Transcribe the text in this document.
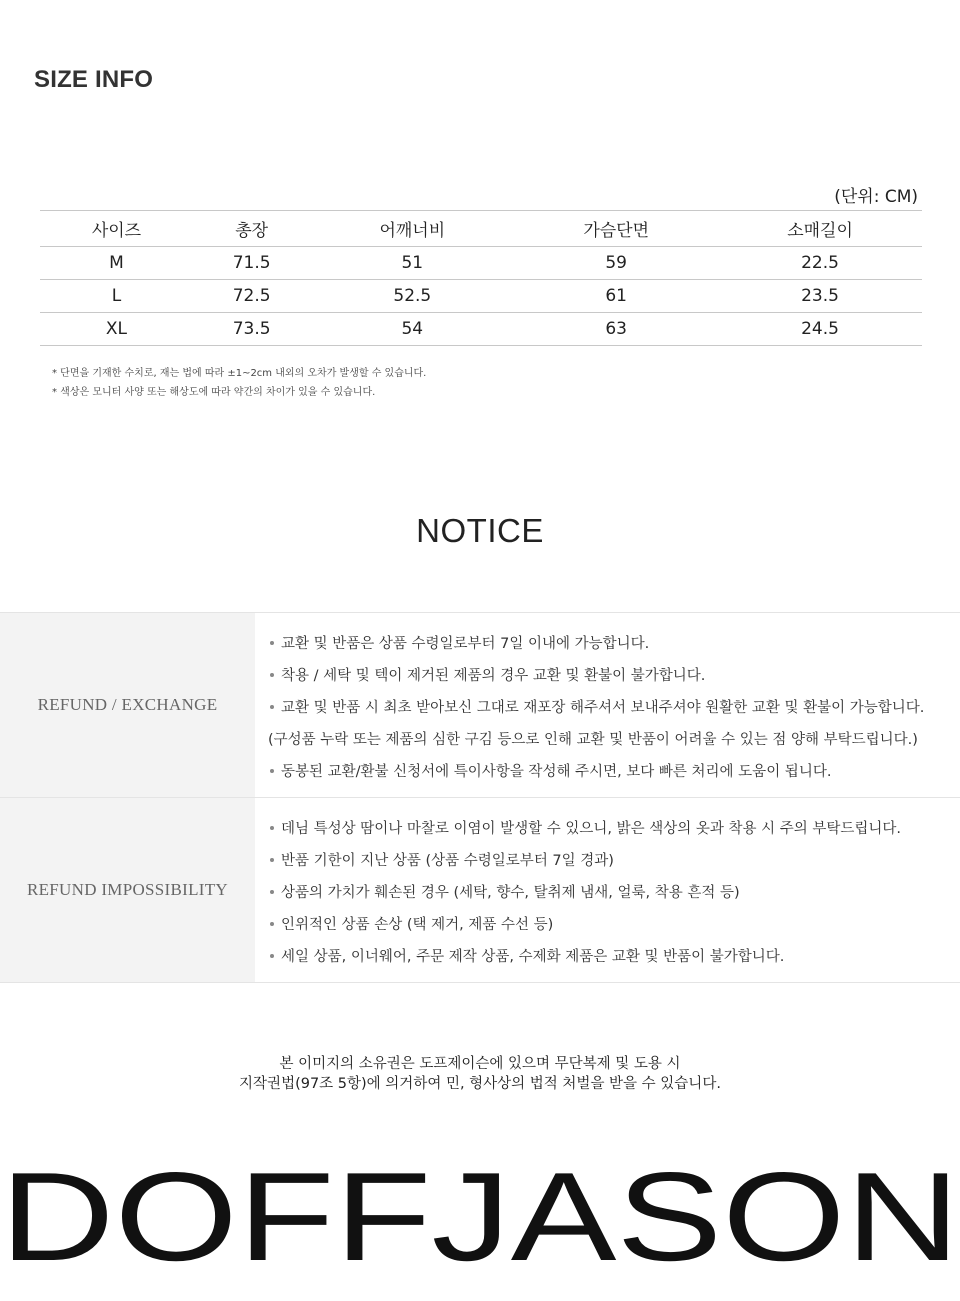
SIZE INFO
(단위: CM)
사이즈	총장	어깨너비	가슴단면	소매길이
M	71.5	51	59	22.5
L	72.5	52.5	61	23.5
XL	73.5	54	63	24.5
* 단면을 기재한 수치로, 재는 법에 따라 ±1~2cm 내외의 오차가 발생할 수 있습니다.
* 색상은 모니터 사양 또는 해상도에 따라 약간의 차이가 있을 수 있습니다.
NOTICE
REFUND / EXCHANGE
교환 및 반품은 상품 수령일로부터 7일 이내에 가능합니다.
착용 / 세탁 및 텍이 제거된 제품의 경우 교환 및 환불이 불가합니다.
교환 및 반품 시 최초 받아보신 그대로 재포장 해주셔서 보내주셔야 원활한 교환 및 환불이 가능합니다.
(구성품 누락 또는 제품의 심한 구김 등으로 인해 교환 및 반품이 어려울 수 있는 점 양해 부탁드립니다.)
동봉된 교환/환불 신청서에 특이사항을 작성해 주시면, 보다 빠른 처리에 도움이 됩니다.
REFUND IMPOSSIBILITY
데님 특성상 땀이나 마찰로 이염이 발생할 수 있으니, 밝은 색상의 옷과 착용 시 주의 부탁드립니다.
반품 기한이 지난 상품 (상품 수령일로부터 7일 경과)
상품의 가치가 훼손된 경우 (세탁, 향수, 탈취제 냄새, 얼룩, 착용 흔적 등)
인위적인 상품 손상 (택 제거, 제품 수선 등)
세일 상품, 이너웨어, 주문 제작 상품, 수제화 제품은 교환 및 반품이 불가합니다.
본 이미지의 소유권은 도프제이슨에 있으며 무단복제 및 도용 시
지작권법(97조 5항)에 의거하여 민, 형사상의 법적 처벌을 받을 수 있습니다.
DOFFJASON
